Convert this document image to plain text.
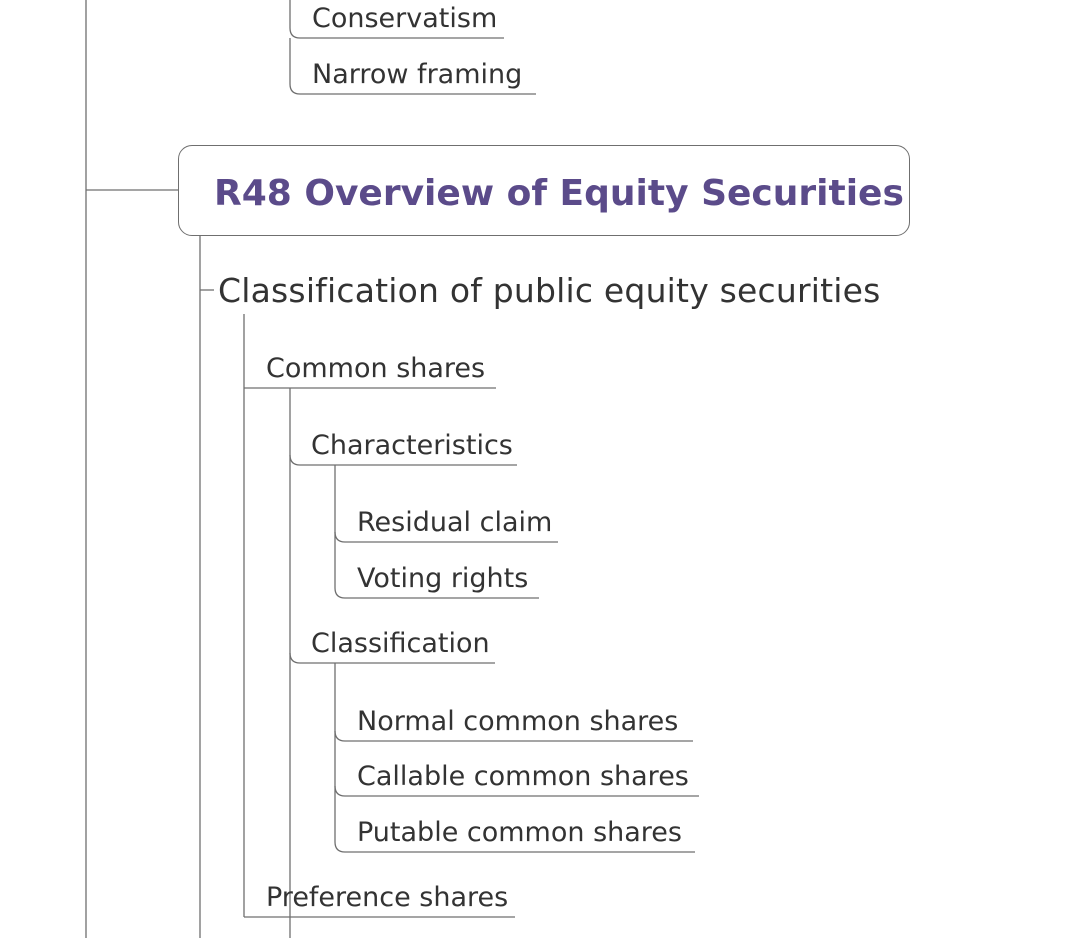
Conservatism
Narrow framing
R48 Overview of Equity Securities
Classification of public equity securities
Common shares
Characteristics
Residual claim
Voting rights
Classification
Normal common shares
Callable common shares
Putable common shares
Preference shares
